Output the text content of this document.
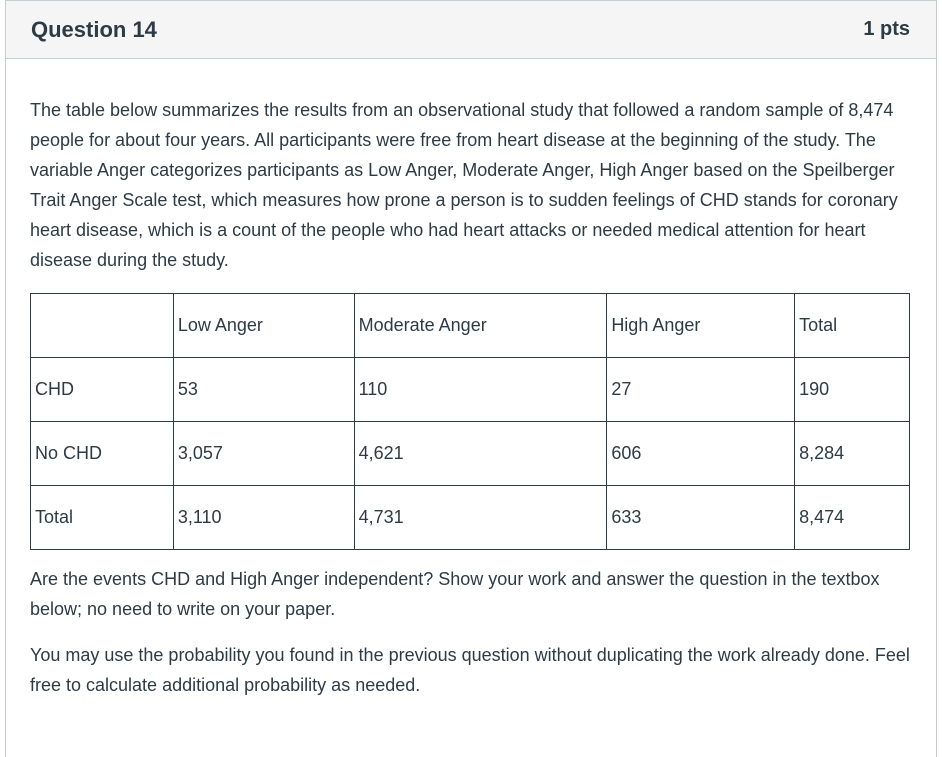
Question 14	1 pts

The table below summarizes the results from an observational study that followed a random sample of 8,474 people for about four years. All participants were free from heart disease at the beginning of the study. The variable Anger categorizes participants as Low Anger, Moderate Anger, High Anger based on the Speilberger Trait Anger Scale test, which measures how prone a person is to sudden feelings of CHD stands for coronary heart disease, which is a count of the people who had heart attacks or needed medical attention for heart disease during the study.

	Low Anger	Moderate Anger	High Anger	Total
CHD	53	110	27	190
No CHD	3,057	4,621	606	8,284
Total	3,110	4,731	633	8,474

Are the events CHD and High Anger independent? Show your work and answer the question in the textbox below; no need to write on your paper.

You may use the probability you found in the previous question without duplicating the work already done. Feel free to calculate additional probability as needed.
